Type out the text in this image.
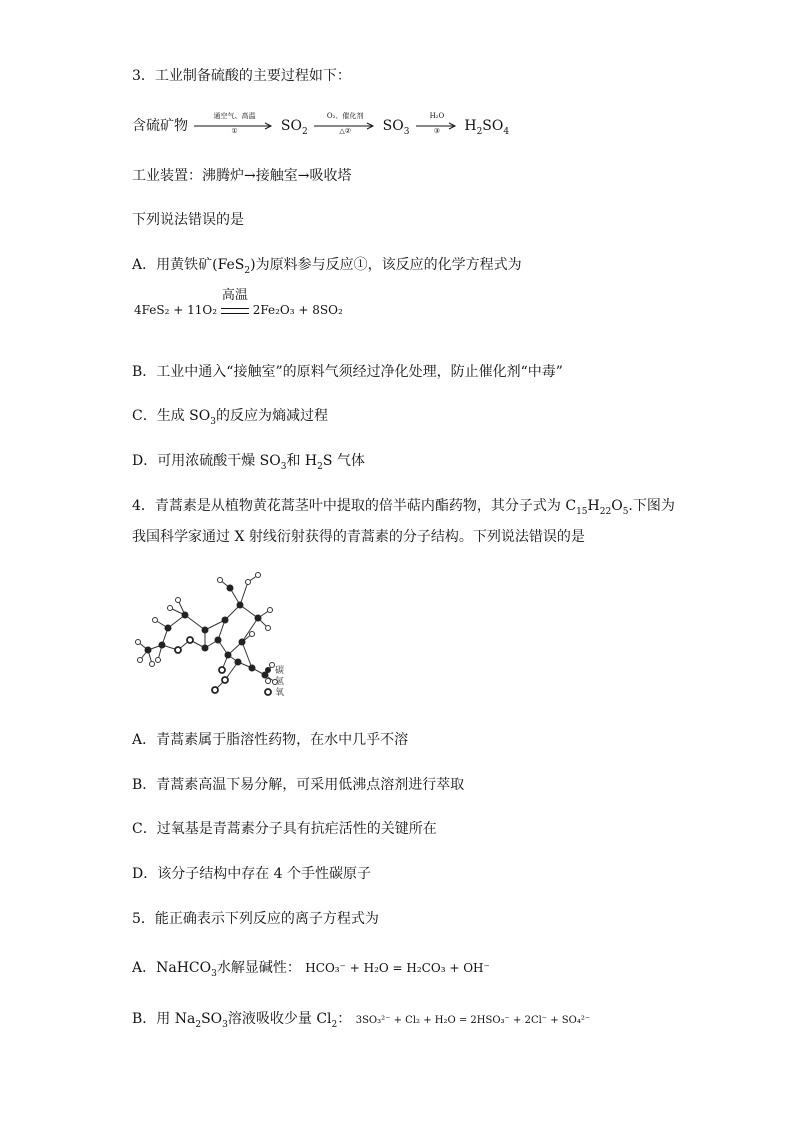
3．工业制备硫酸的主要过程如下：
含硫矿物
通空气、高温
①	$SO_2$
O₂、催化剂
△②	$SO_3$
H₂O
③	$H_2SO_4$
工业装置：沸腾炉→接触室→吸收塔
下列说法错误的是
A．用黄铁矿(FeS$_2$)为原料参与反应①，该反应的化学方程式为
4FeS₂ + 11O₂
高温
2Fe₂O₃ + 8SO₂
B．工业中通入“接触室”的原料气须经过净化处理，防止催化剂“中毒”
C．生成 $SO_3$的反应为熵减过程
D．可用浓硫酸干燥 $SO_3$和 $H_2S$ 气体
4．青蒿素是从植物黄花蒿茎叶中提取的倍半萜内酯药物，其分子式为 $C_{15}H_{22}O_5$.下图为
我国科学家通过 X 射线衍射获得的青蒿素的分子结构。下列说法错误的是
碳
氢
氧
A．青蒿素属于脂溶性药物，在水中几乎不溶
B．青蒿素高温下易分解，可采用低沸点溶剂进行萃取
C．过氧基是青蒿素分子具有抗疟活性的关键所在
D．该分子结构中存在 4 个手性碳原子
5．能正确表示下列反应的离子方程式为
A．NaHCO$_3$水解显碱性： HCO₃⁻ + H₂O = H₂CO₃ + OH⁻
B．用 $Na_2SO_3$溶液吸收少量 $Cl_2$： 3SO₃²⁻ + Cl₂ + H₂O = 2HSO₃⁻ + 2Cl⁻ + SO₄²⁻
